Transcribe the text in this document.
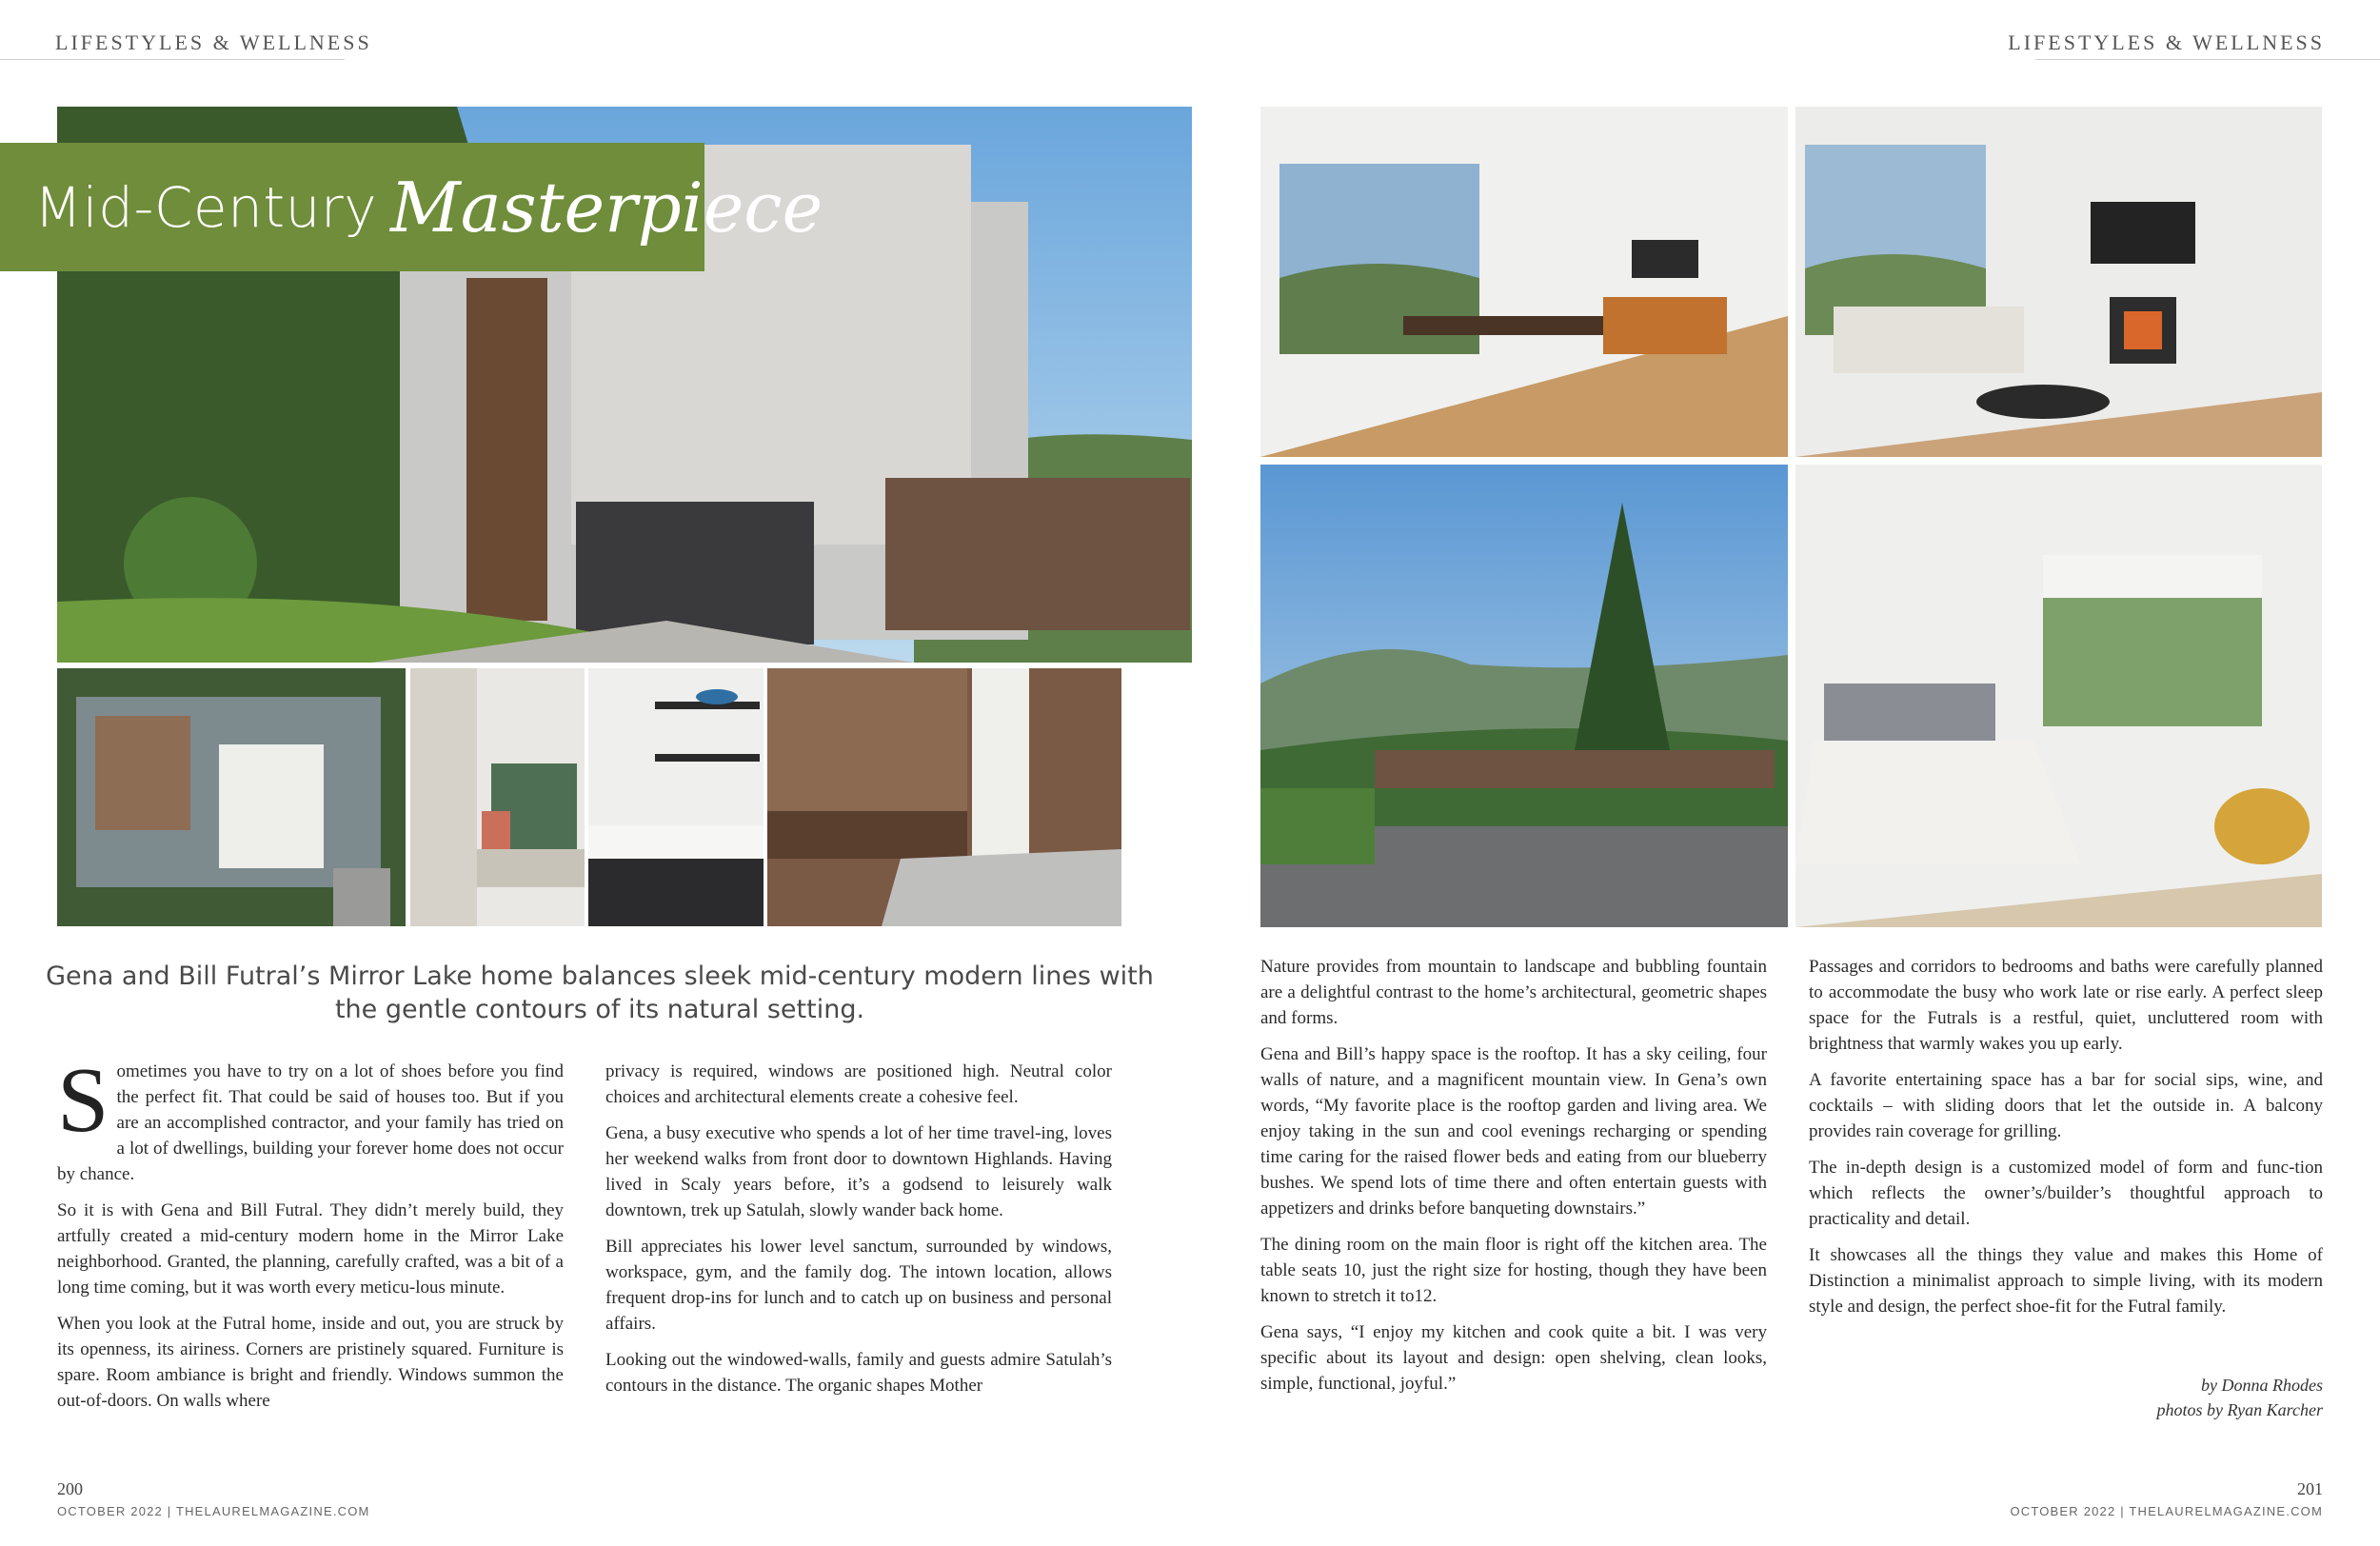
LIFESTYLES & WELLNESS	LIFESTYLES & WELLNESS
Mid-Century Masterpiece
Gena and Bill Futral’s Mirror Lake home balances sleek mid-century modern lines with the gentle contours of its natural setting.

Sometimes you have to try on a lot of shoes before you find the perfect fit. That could be said of houses too. But if you are an accomplished contractor, and your family has tried on a lot of dwellings, building your forever home does not occur by chance.

So it is with Gena and Bill Futral. They didn’t merely build, they artfully created a mid-century modern home in the Mirror Lake neighborhood. Granted, the planning, carefully crafted, was a bit of a long time coming, but it was worth every meticu-lous minute.

When you look at the Futral home, inside and out, you are struck by its openness, its airiness. Corners are pristinely squared. Furniture is spare. Room ambiance is bright and friendly. Windows summon the out-of-doors. On walls where

privacy is required, windows are positioned high. Neutral color choices and architectural elements create a cohesive feel.

Gena, a busy executive who spends a lot of her time travel-ing, loves her weekend walks from front door to downtown Highlands. Having lived in Scaly years before, it’s a godsend to leisurely walk downtown, trek up Satulah, slowly wander back home.

Bill appreciates his lower level sanctum, surrounded by windows, workspace, gym, and the family dog. The intown location, allows frequent drop-ins for lunch and to catch up on business and personal affairs.

Looking out the windowed-walls, family and guests admire Satulah’s contours in the distance. The organic shapes Mother

Nature provides from mountain to landscape and bubbling fountain are a delightful contrast to the home’s architectural, geometric shapes and forms.

Gena and Bill’s happy space is the rooftop. It has a sky ceiling, four walls of nature, and a magnificent mountain view. In Gena’s own words, “My favorite place is the rooftop garden and living area. We enjoy taking in the sun and cool evenings recharging or spending time caring for the raised flower beds and eating from our blueberry bushes. We spend lots of time there and often entertain guests with appetizers and drinks before banqueting downstairs.”

The dining room on the main floor is right off the kitchen area. The table seats 10, just the right size for hosting, though they have been known to stretch it to12.

Gena says, “I enjoy my kitchen and cook quite a bit. I was very specific about its layout and design: open shelving, clean looks, simple, functional, joyful.”

Passages and corridors to bedrooms and baths were carefully planned to accommodate the busy who work late or rise early. A perfect sleep space for the Futrals is a restful, quiet, uncluttered room with brightness that warmly wakes you up early.

A favorite entertaining space has a bar for social sips, wine, and cocktails – with sliding doors that let the outside in. A balcony provides rain coverage for grilling.

The in-depth design is a customized model of form and func-tion which reflects the owner’s/builder’s thoughtful approach to practicality and detail.

It showcases all the things they value and makes this Home of Distinction a minimalist approach to simple living, with its modern style and design, the perfect shoe-fit for the Futral family.

by Donna Rhodes
photos by Ryan Karcher
200
OCTOBER 2022 | THELAURELMAGAZINE.COM
201
OCTOBER 2022 | THELAURELMAGAZINE.COM
